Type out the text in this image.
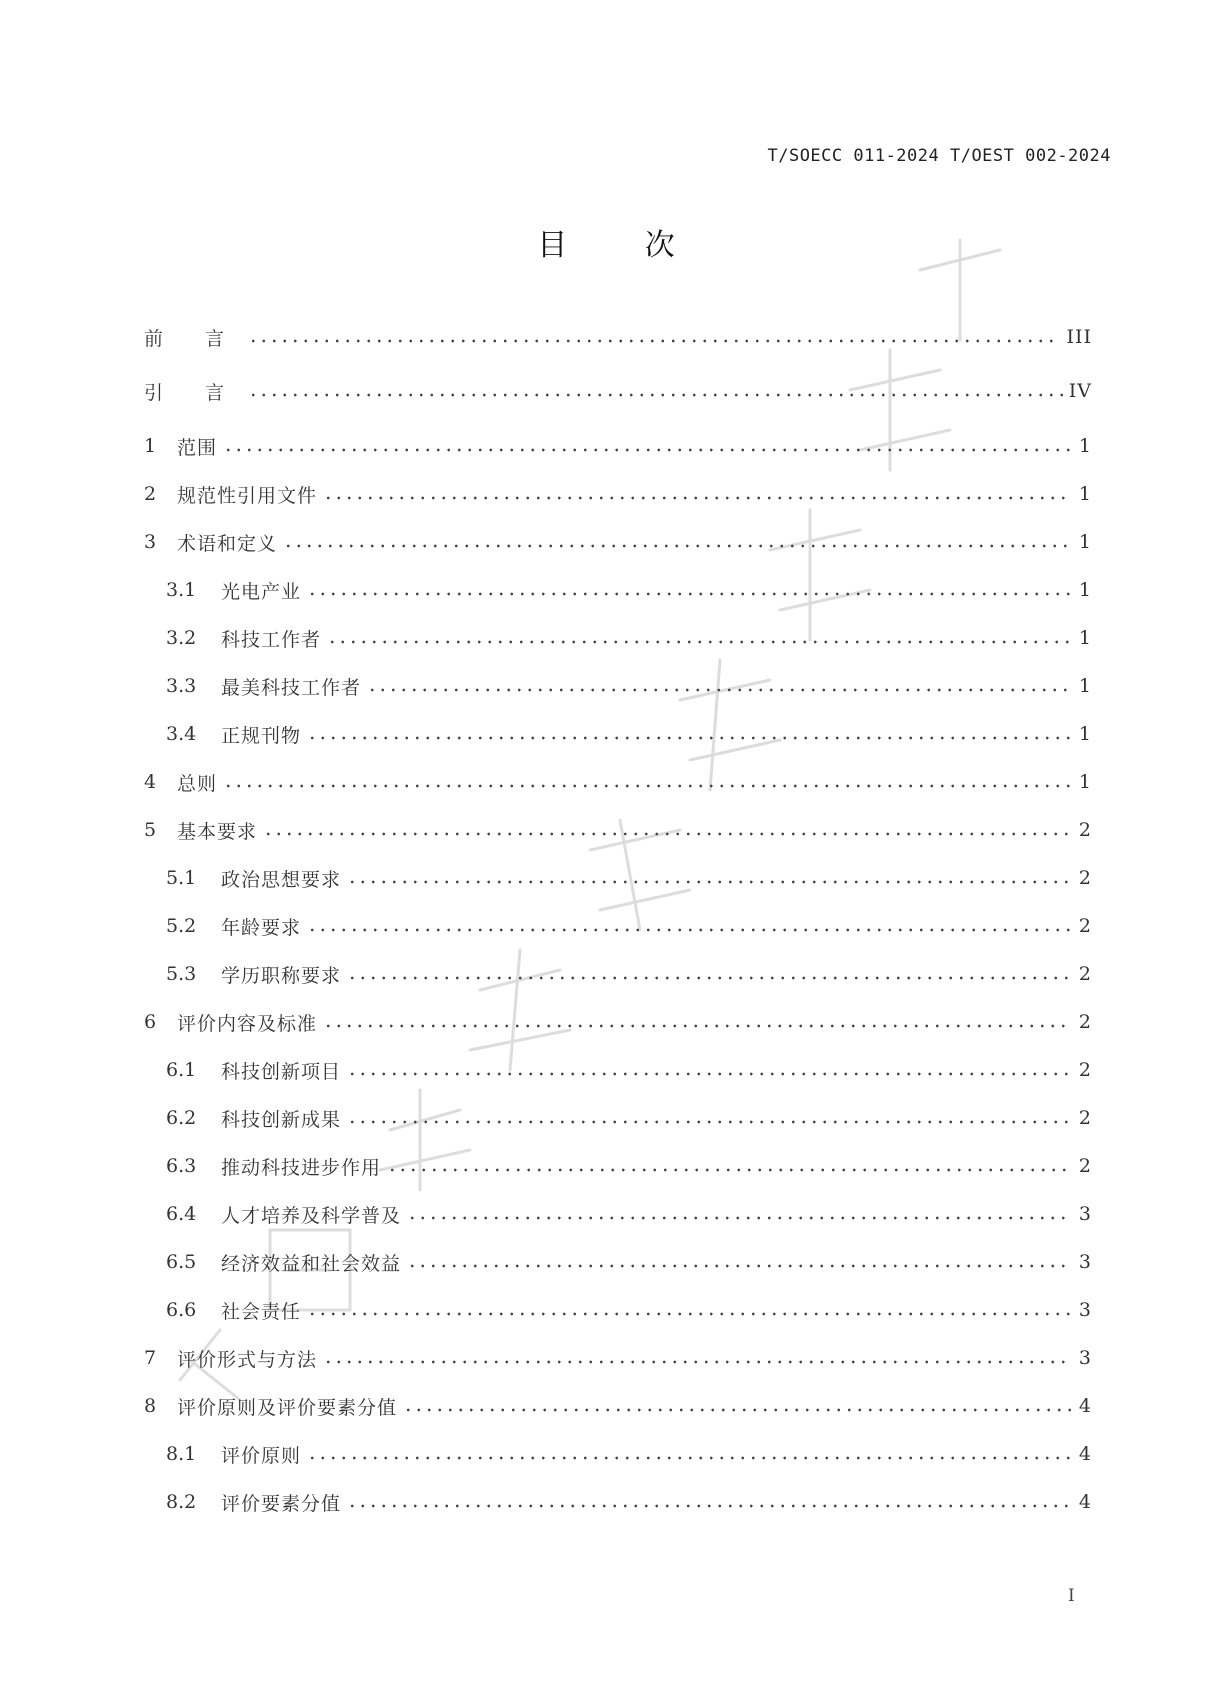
T/SOECC 011-2024 T/OEST 002-2024
目 次
前 言	III
引 言	IV
1	范围	1
2	规范性引用文件	1
3	术语和定义	1
3.1	光电产业	1
3.2	科技工作者	1
3.3	最美科技工作者	1
3.4	正规刊物	1
4	总则	1
5	基本要求	2
5.1	政治思想要求	2
5.2	年龄要求	2
5.3	学历职称要求	2
6	评价内容及标准	2
6.1	科技创新项目	2
6.2	科技创新成果	2
6.3	推动科技进步作用	2
6.4	人才培养及科学普及	3
6.5	经济效益和社会效益	3
6.6	社会责任	3
7	评价形式与方法	3
8	评价原则及评价要素分值	4
8.1	评价原则	4
8.2	评价要素分值	4
I
